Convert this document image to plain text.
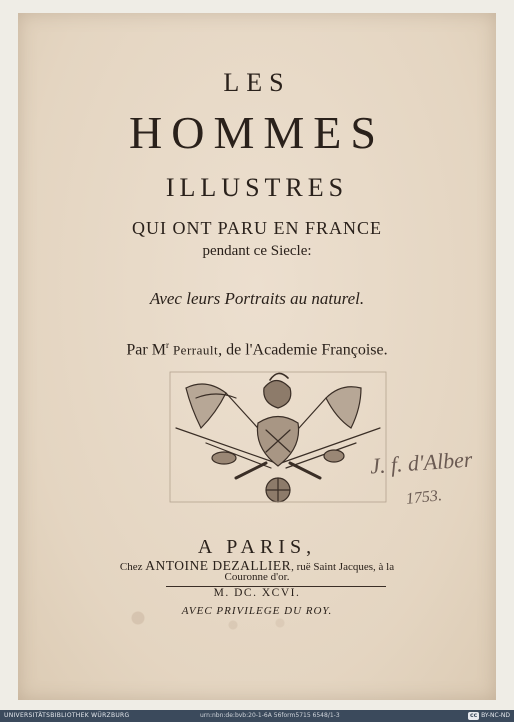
LES
HOMMES
ILLUSTRES
QUI ONT PARU EN FRANCE
pendant ce Siecle:
Avec leurs Portraits au naturel.
Par $M^r$ Perrault, de l'Academie Françoise.
J. f. d'Alber
1753.
A PARIS,
Chez ANTOINE DEZALLIER, ruë Saint Jacques, à la
Couronne d'or.
M. DC. XCVI.
AVEC PRIVILEGE DU ROY.
UNIVERSITÄTSBIBLIOTHEK WÜRZBURG	urn:nbn:de:bvb:20-1-6A 56form5715 6548/1-3	cc BY-NC-ND
